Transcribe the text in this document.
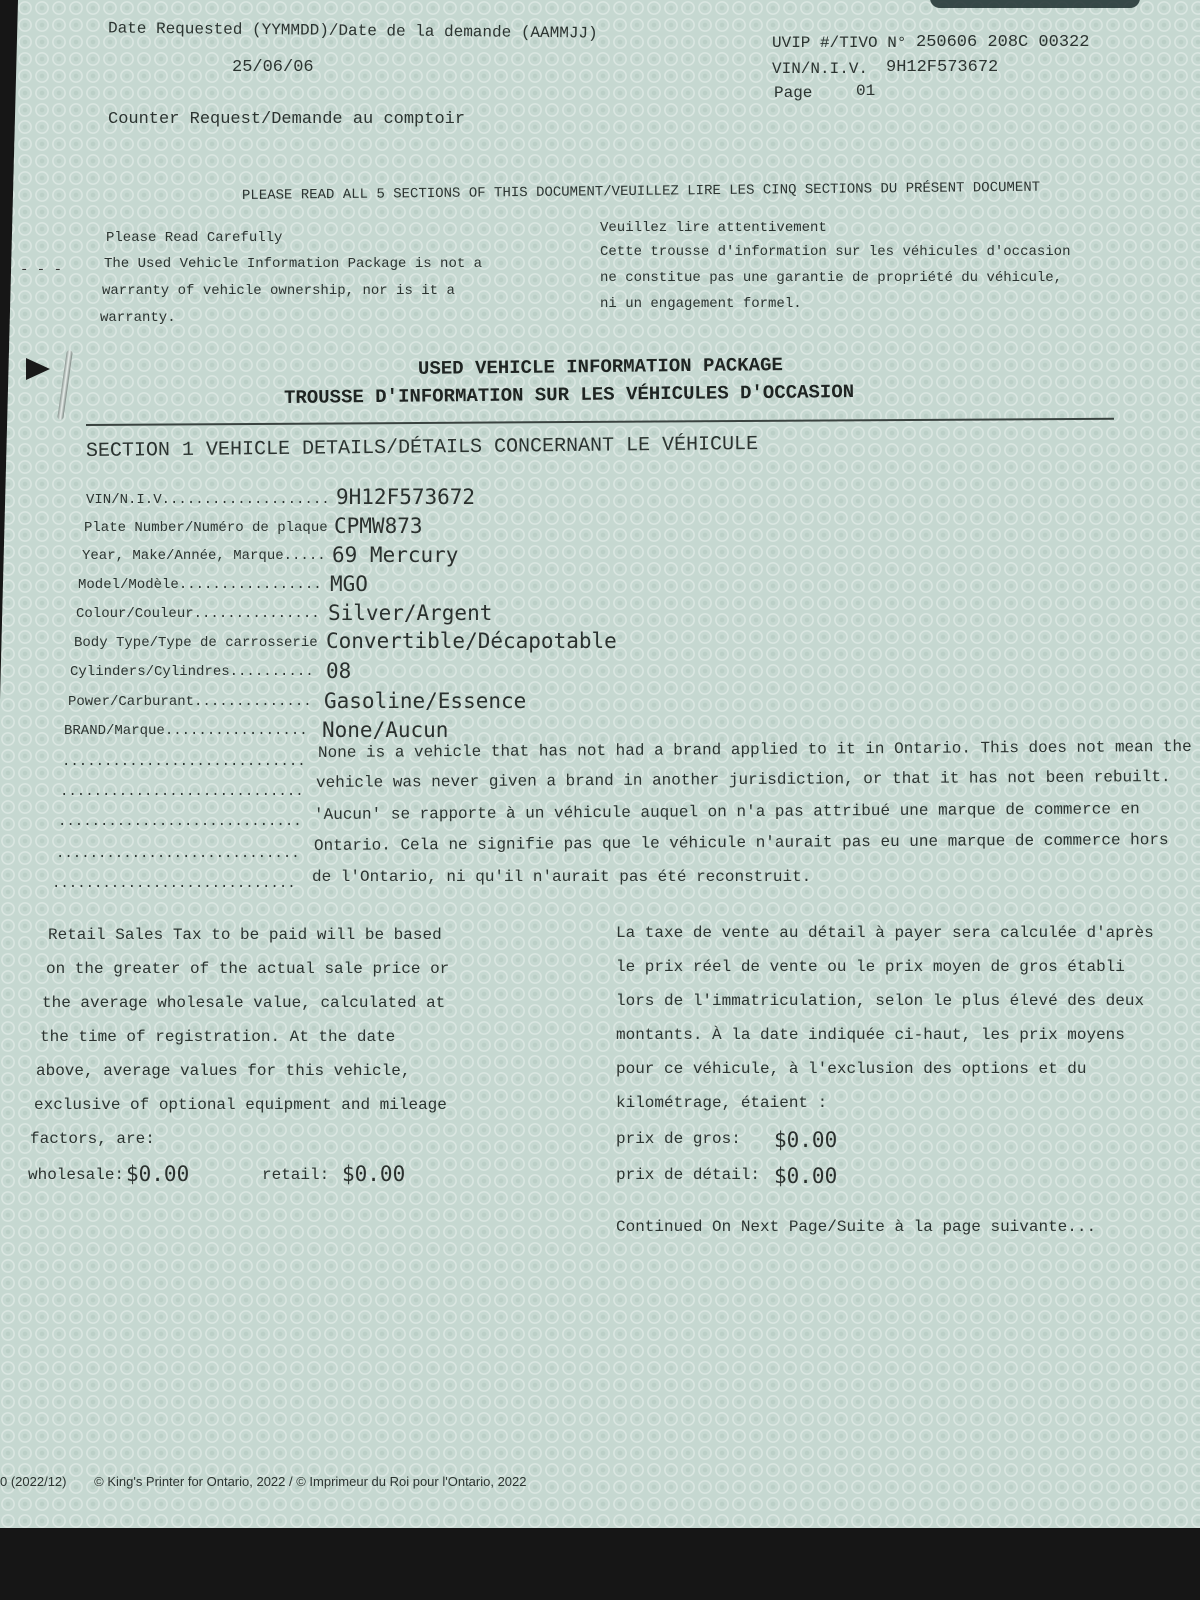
- - -
Date Requested (YYMMDD)/Date de la demande (AAMMJJ)
25/06/06
UVIP #/TIVO N° 250606 208C 00322
VIN/N.I.V. 9H12F573672
Page	01
Counter Request/Demande au comptoir
PLEASE READ ALL 5 SECTIONS OF THIS DOCUMENT/VEUILLEZ LIRE LES CINQ SECTIONS DU PRÉSENT DOCUMENT
Please Read Carefully
The Used Vehicle Information Package is not a
warranty of vehicle ownership, nor is it a
warranty.
Veuillez lire attentivement
Cette trousse d'information sur les véhicules d'occasion
ne constitue pas une garantie de propriété du véhicule,
ni un engagement formel.
USED VEHICLE INFORMATION PACKAGE
TROUSSE D'INFORMATION SUR LES VÉHICULES D'OCCASION
SECTION 1 VEHICLE DETAILS/DÉTAILS CONCERNANT LE VÉHICULE
VIN/N.I.V.................... 9H12F573672
Plate Number/Numéro de plaque CPMW873
Year, Make/Année, Marque..... 69 Mercury
Model/Modèle................. MGO
Colour/Couleur............... Silver/Argent
Body Type/Type de carrosserie Convertible/Décapotable
Cylinders/Cylindres.......... 08
Power/Carburant.............. Gasoline/Essence
BRAND/Marque................. None/Aucun
.............................
None is a vehicle that has not had a brand applied to it in Ontario. This does not mean the
.............................
vehicle was never given a brand in another jurisdiction, or that it has not been rebuilt.
............................. 'Aucun' se rapporte à un véhicule auquel on n'a pas attribué une marque de commerce en
............................. Ontario. Cela ne signifie pas que le véhicule n'aurait pas eu une marque de commerce hors
............................. de l'Ontario, ni qu'il n'aurait pas été reconstruit.
Retail Sales Tax to be paid will be based
on the greater of the actual sale price or
the average wholesale value, calculated at
the time of registration. At the date
above, average values for this vehicle,
exclusive of optional equipment and mileage
factors, are:
wholesale: $0.00	retail: $0.00
La taxe de vente au détail à payer sera calculée d'après
le prix réel de vente ou le prix moyen de gros établi
lors de l'immatriculation, selon le plus élevé des deux
montants. À la date indiquée ci-haut, les prix moyens
pour ce véhicule, à l'exclusion des options et du
kilométrage, étaient :
prix de gros: $0.00
prix de détail: $0.00
Continued On Next Page/Suite à la page suivante...
0 (2022/12) © King's Printer for Ontario, 2022 / © Imprimeur du Roi pour l'Ontario, 2022
